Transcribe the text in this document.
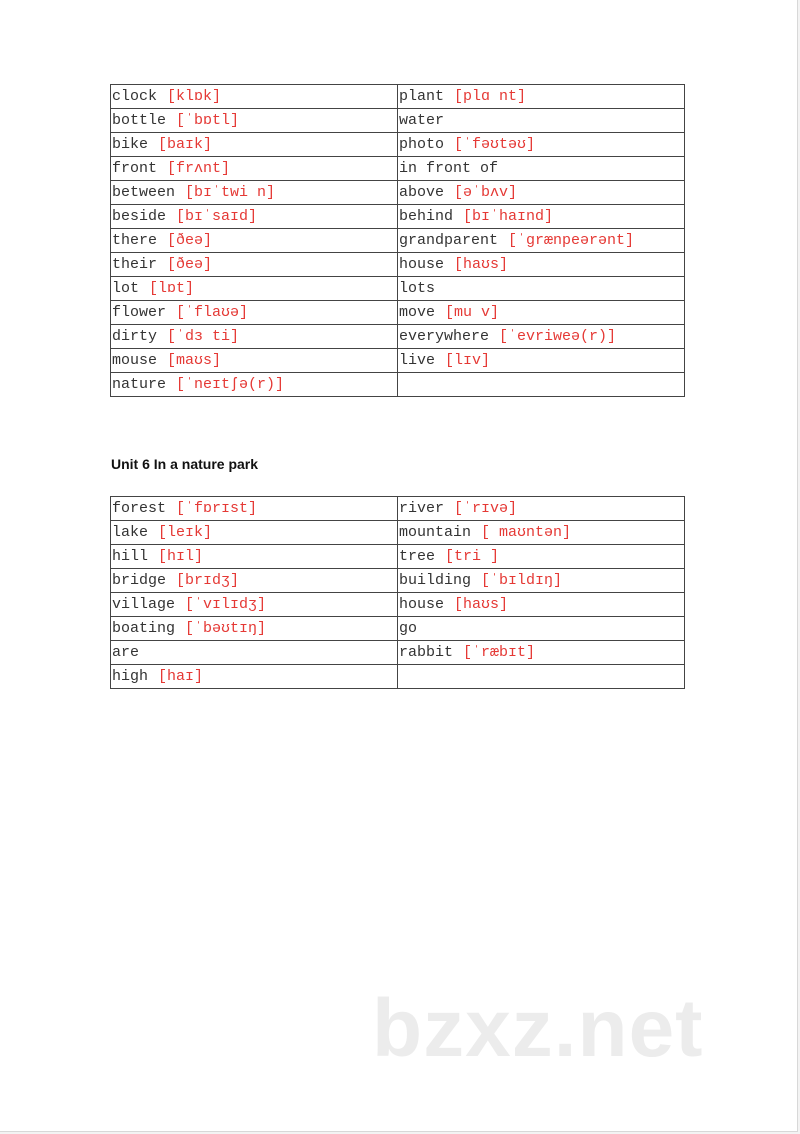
clock [klɒk]	plant [plɑ nt]
bottle [ˈbɒtl]	water
bike [baɪk]	photo [ˈfəʊtəʊ]
front [frʌnt]	in front of
between [bɪˈtwi n]	above [əˈbʌv]
beside [bɪˈsaɪd]	behind [bɪˈhaɪnd]
there [ðeə]	grandparent [ˈgrænpeərənt]
their [ðeə]	house [haʊs]
lot [lɒt]	lots
flower [ˈflaʊə]	move [mu v]
dirty [ˈdɜ ti]	everywhere [ˈevriweə(r)]
mouse [maʊs]	live [lɪv]
nature [ˈneɪtʃə(r)]	
Unit 6 In a nature park
forest [ˈfɒrɪst]	river [ˈrɪvə]
lake [leɪk]	mountain [ maʊntən]
hill [hɪl]	tree [tri ]
bridge [brɪdʒ]	building [ˈbɪldɪŋ]
village [ˈvɪlɪdʒ]	house [haʊs]
boating [ˈbəʊtɪŋ]	go
are	rabbit [ˈræbɪt]
high [haɪ]	
bzxz.net
